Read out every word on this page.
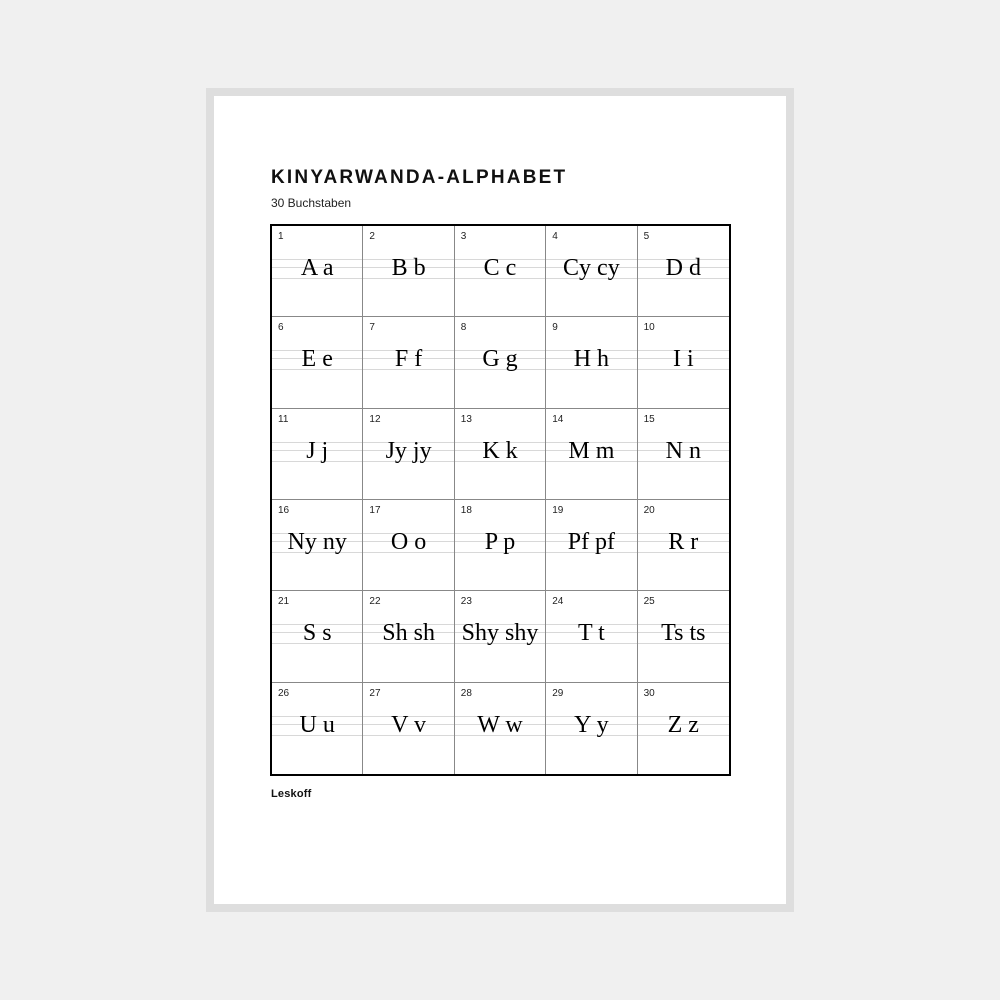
KINYARWANDA-ALPHABET
30 Buchstaben
1
A a
2
B b
3
C c
4
Cy cy
5
D d
6
E e
7
F f
8
G g
9
H h
10
I i
11
J j
12
Jy jy
13
K k
14
M m
15
N n
16
Ny ny
17
O o
18
P p
19
Pf pf
20
R r
21
S s
22
Sh sh
23
Shy shy
24
T t
25
Ts ts
26
U u
27
V v
28
W w
29
Y y
30
Z z
Leskoff
